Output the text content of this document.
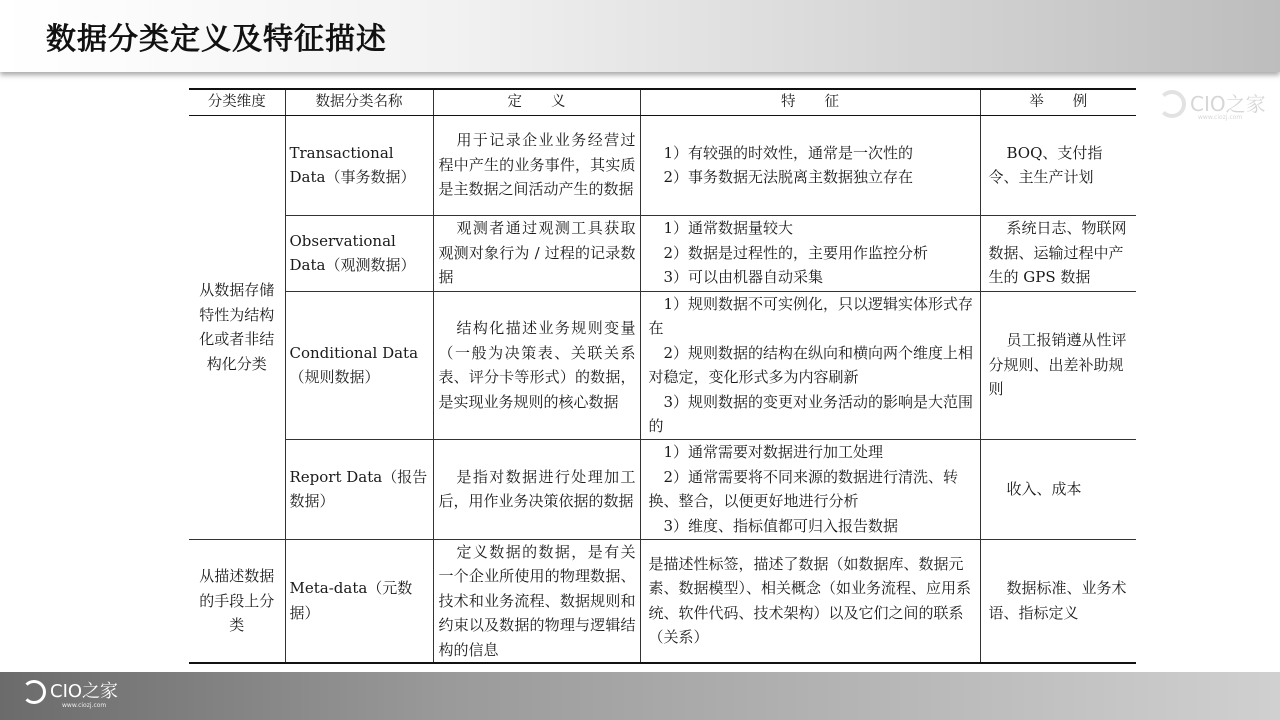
数据分类定义及特征描述
CIO之家
www.ciozj.com
分类维度	数据分类名称	定　　义	特　　征	举　　例
从数据存储特性为结构化或者非结构化分类	Transactional Data（事务数据）	用于记录企业业务经营过程中产生的业务事件，其实质是主数据之间活动产生的数据	1）有较强的时效性，通常是一次性的
2）事务数据无法脱离主数据独立存在	BOQ、支付指令、主生产计划
	Observational Data（观测数据）	观测者通过观测工具获取观测对象行为 / 过程的记录数据	1）通常数据量较大
2）数据是过程性的，主要用作监控分析
3）可以由机器自动采集	系统日志、物联网数据、运输过程中产生的 GPS 数据
	Conditional Data（规则数据）	结构化描述业务规则变量（一般为决策表、关联关系表、评分卡等形式）的数据，是实现业务规则的核心数据	1）规则数据不可实例化，只以逻辑实体形式存在
2）规则数据的结构在纵向和横向两个维度上相对稳定，变化形式多为内容刷新
3）规则数据的变更对业务活动的影响是大范围的	员工报销遵从性评分规则、出差补助规则
	Report Data（报告数据）	是指对数据进行处理加工后，用作业务决策依据的数据	1）通常需要对数据进行加工处理
2）通常需要将不同来源的数据进行清洗、转换、整合，以便更好地进行分析
3）维度、指标值都可归入报告数据	收入、成本
从描述数据的手段上分类	Meta-data（元数据）	定义数据的数据，是有关一个企业所使用的物理数据、技术和业务流程、数据规则和约束以及数据的物理与逻辑结构的信息	是描述性标签，描述了数据（如数据库、数据元素、数据模型）、相关概念（如业务流程、应用系统、软件代码、技术架构）以及它们之间的联系（关系）	数据标准、业务术语、指标定义
CIO之家
www.ciozj.com
